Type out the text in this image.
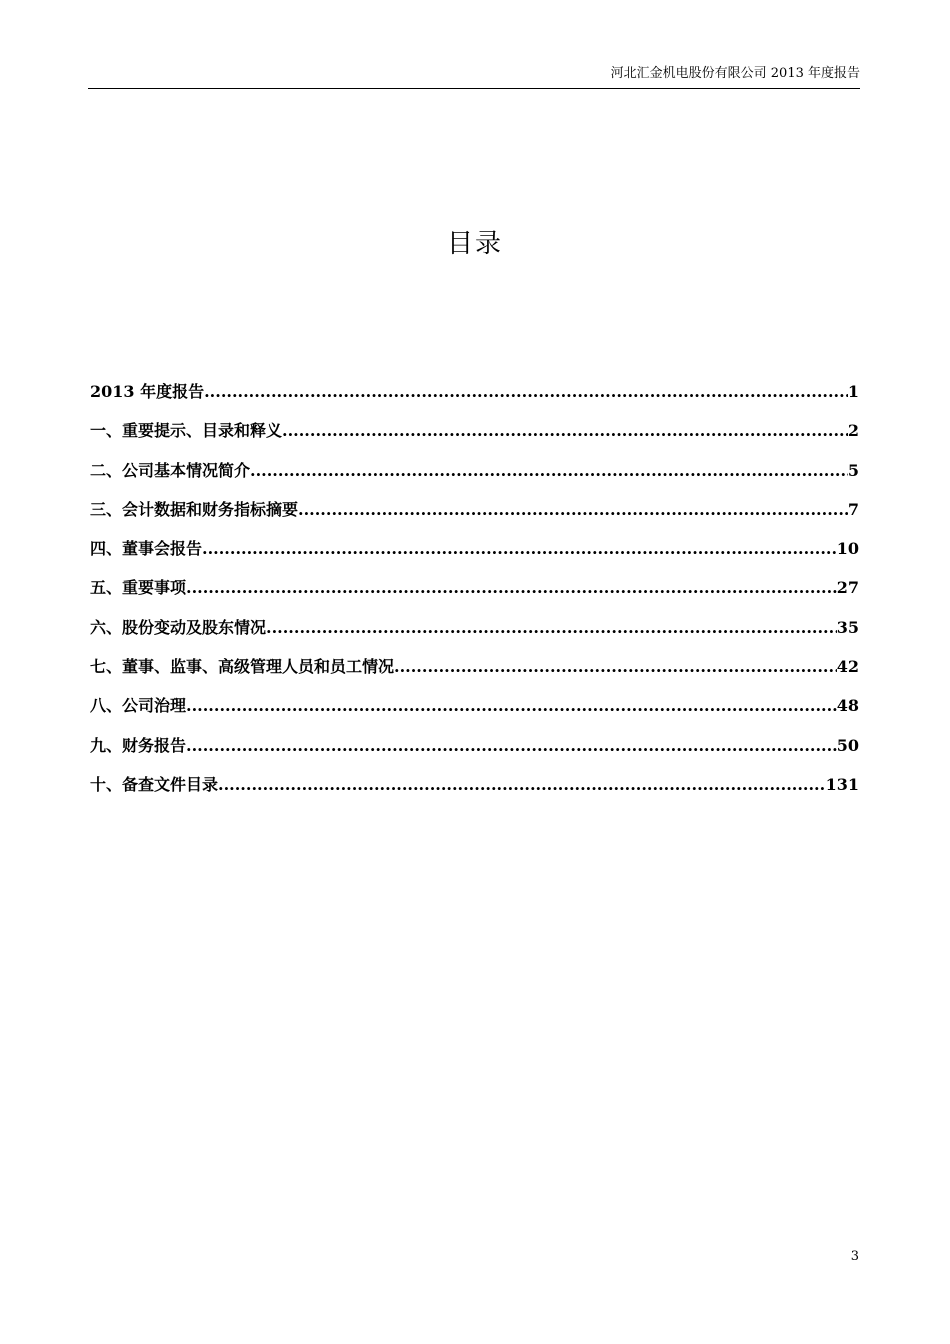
河北汇金机电股份有限公司 2013 年度报告
目录
2013 年度报告 .....	1
一、重要提示、目录和释义 .....	2
二、公司基本情况简介 .....	5
三、会计数据和财务指标摘要 .....	7
四、董事会报告 .....	10
五、重要事项 .....	27
六、股份变动及股东情况 .....	35
七、董事、监事、高级管理人员和员工情况 .....	42
八、公司治理 .....	48
九、财务报告 .....	50
十、备查文件目录 .....	131
3
